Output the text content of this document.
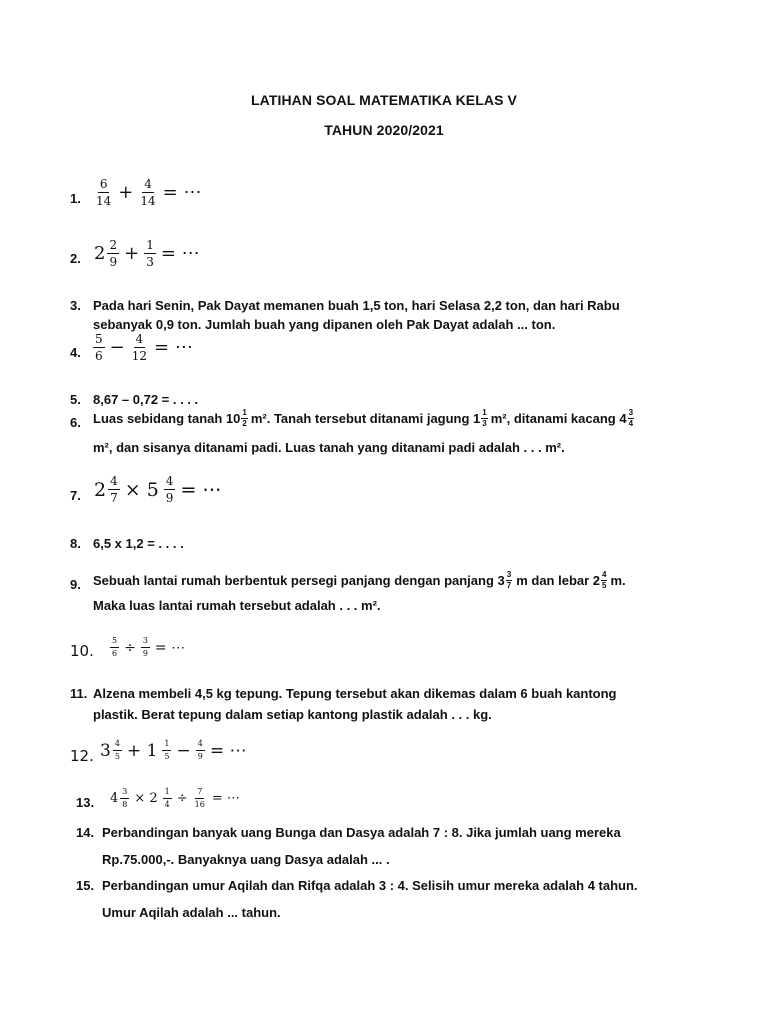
LATIHAN SOAL MATEMATIKA KELAS V
TAHUN 2020/2021
1. $\frac{6}{14} + \frac{4}{14}$ = ⋯
2. $2 \frac{2}{9} + \frac{1}{3}$ = ⋯
3. Pada hari Senin, Pak Dayat memanen buah 1,5 ton, hari Selasa 2,2 ton, dan hari Rabu
sebanyak 0,9 ton. Jumlah buah yang dipanen oleh Pak Dayat adalah ... ton.
4. $\frac{5}{6} - \frac{4}{12}$ = ⋯
5. 8,67 – 0,72 = . . . .
6. Luas sebidang tanah $10 \frac{1}{2} m^2$. Tanah tersebut ditanami jagung $1 \frac{1}{3} m^2$, ditanami kacang $4 \frac{3}{4}$
m², dan sisanya ditanami padi. Luas tanah yang ditanami padi adalah . . . m².
7. $2 \frac{4}{7} \times 5 \frac{4}{9}$ = ⋯
8. 6,5 x 1,2 = . . . .
9. Sebuah lantai rumah berbentuk persegi panjang dengan panjang $3 \frac{3}{7}$ m dan lebar $2 \frac{4}{5} m$.
Maka luas lantai rumah tersebut adalah . . . m².
10. $\frac{5}{6} \div \frac{3}{9}$ = ⋯
11. Alzena membeli 4,5 kg tepung. Tepung tersebut akan dikemas dalam 6 buah kantong
plastik. Berat tepung dalam setiap kantong plastik adalah . . . kg.
12. $3 \frac{4}{5} + 1 \frac{1}{5} - \frac{4}{9}$ = ⋯
13. $4 \frac{3}{8} \times 2 \frac{1}{4} \div \frac{7}{16}$ = ⋯
14. Perbandingan banyak uang Bunga dan Dasya adalah 7 : 8. Jika jumlah uang mereka
Rp.75.000,-. Banyaknya uang Dasya adalah ... .
15. Perbandingan umur Aqilah dan Rifqa adalah 3 : 4. Selisih umur mereka adalah 4 tahun.
Umur Aqilah adalah ... tahun.
